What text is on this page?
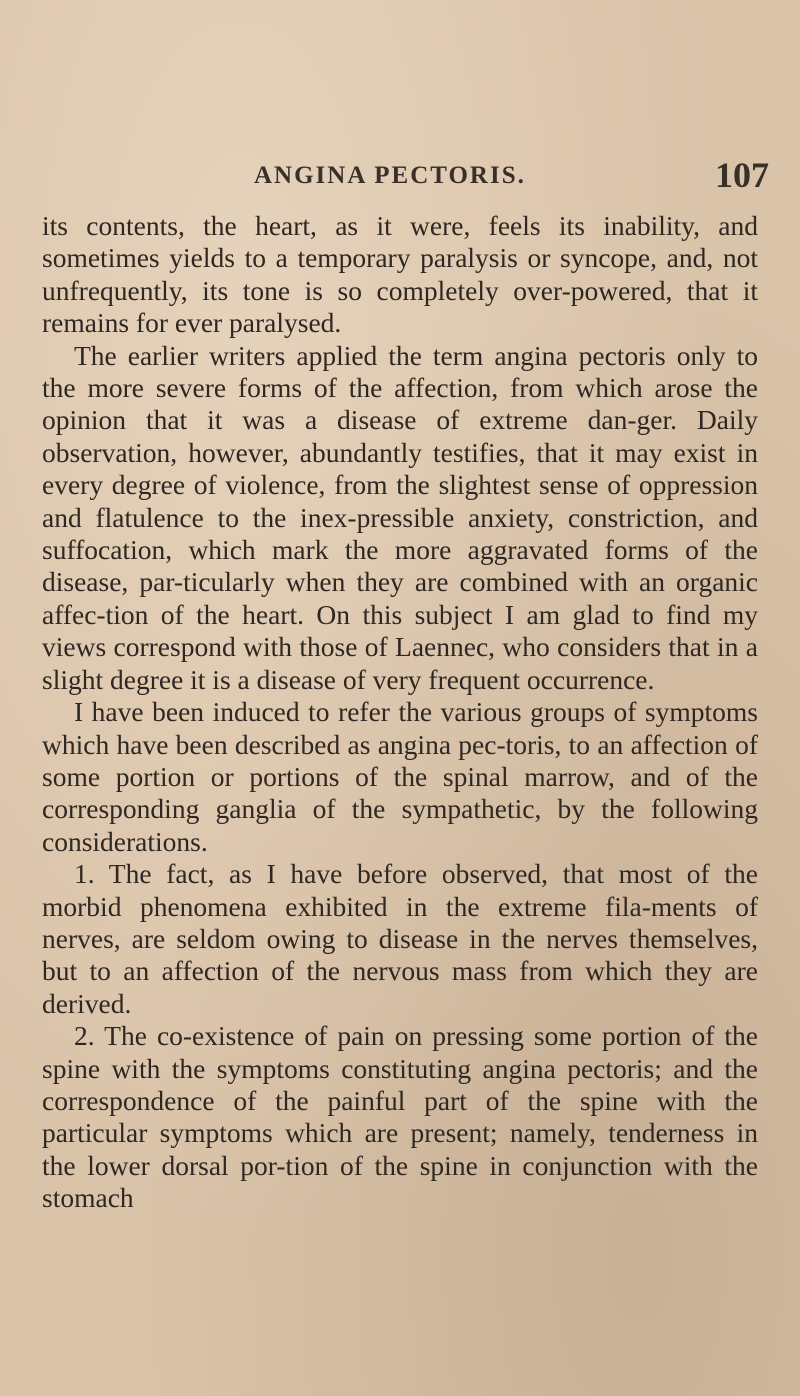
ANGINA PECTORIS.	107

its contents, the heart, as it were, feels its inability, and sometimes yields to a temporary paralysis or syncope, and, not unfrequently, its tone is so completely over-powered, that it remains for ever paralysed.

The earlier writers applied the term angina pectoris only to the more severe forms of the affection, from which arose the opinion that it was a disease of extreme dan-ger. Daily observation, however, abundantly testifies, that it may exist in every degree of violence, from the slightest sense of oppression and flatulence to the inex-pressible anxiety, constriction, and suffocation, which mark the more aggravated forms of the disease, par-ticularly when they are combined with an organic affec-tion of the heart. On this subject I am glad to find my views correspond with those of Laennec, who considers that in a slight degree it is a disease of very frequent occurrence.

I have been induced to refer the various groups of symptoms which have been described as angina pec-toris, to an affection of some portion or portions of the spinal marrow, and of the corresponding ganglia of the sympathetic, by the following considerations.

1. The fact, as I have before observed, that most of the morbid phenomena exhibited in the extreme fila-ments of nerves, are seldom owing to disease in the nerves themselves, but to an affection of the nervous mass from which they are derived.

2. The co-existence of pain on pressing some portion of the spine with the symptoms constituting angina pectoris; and the correspondence of the painful part of the spine with the particular symptoms which are present; namely, tenderness in the lower dorsal por-tion of the spine in conjunction with the stomach
